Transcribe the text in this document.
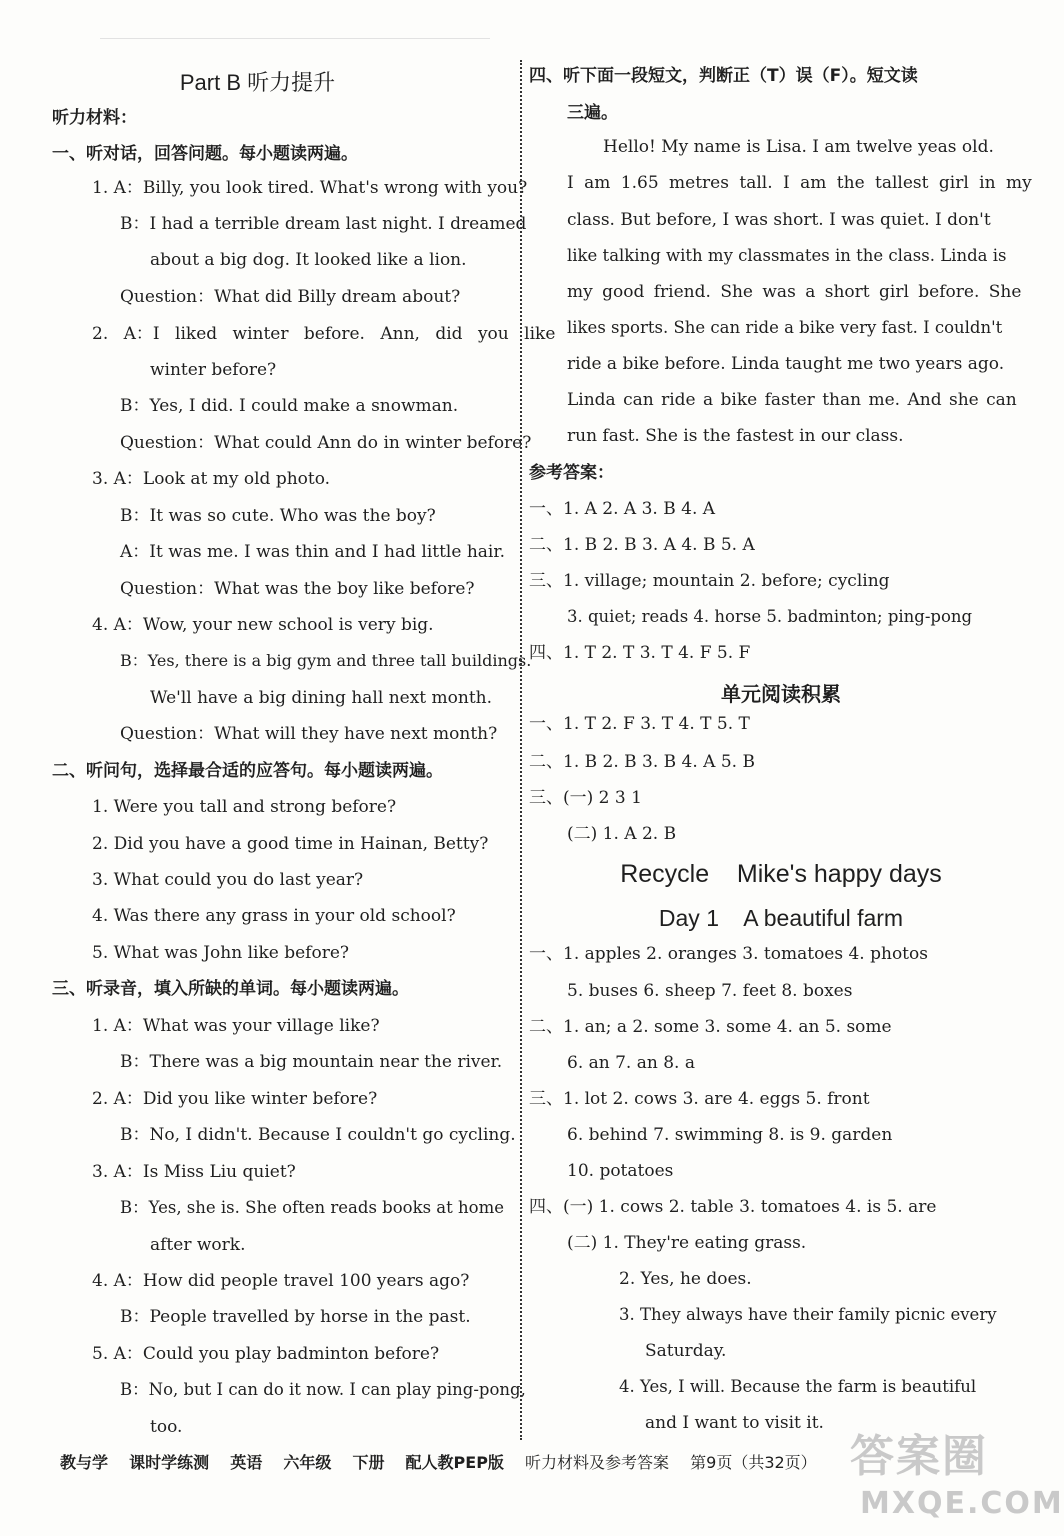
Part B 听力提升
听力材料：
一、听对话，回答问题。每小题读两遍。
1. A：Billy, you look tired. What's wrong with you?
B：I had a terrible dream last night. I dreamed
about a big dog. It looked like a lion.
Question：What did Billy dream about?
2. A：I liked winter before. Ann, did you like
winter before?
B：Yes, I did. I could make a snowman.
Question：What could Ann do in winter before?
3. A：Look at my old photo.
B：It was so cute. Who was the boy?
A：It was me. I was thin and I had little hair.
Question：What was the boy like before?
4. A：Wow, your new school is very big.
B：Yes, there is a big gym and three tall buildings.
We'll have a big dining hall next month.
Question：What will they have next month?
二、听问句，选择最合适的应答句。每小题读两遍。
1. Were you tall and strong before?
2. Did you have a good time in Hainan, Betty?
3. What could you do last year?
4. Was there any grass in your old school?
5. What was John like before?
三、听录音，填入所缺的单词。每小题读两遍。
1. A：What was your village like?
B：There was a big mountain near the river.
2. A：Did you like winter before?
B：No, I didn't. Because I couldn't go cycling.
3. A：Is Miss Liu quiet?
B：Yes, she is. She often reads books at home
after work.
4. A：How did people travel 100 years ago?
B：People travelled by horse in the past.
5. A：Could you play badminton before?
B：No, but I can do it now. I can play ping-pong,
too.
四、听下面一段短文，判断正（T）误（F）。短文读
三遍。
Hello! My name is Lisa. I am twelve yeas old.
I am 1.65 metres tall. I am the tallest girl in my
class. But before, I was short. I was quiet. I don't
like talking with my classmates in the class. Linda is
my good friend. She was a short girl before. She
likes sports. She can ride a bike very fast. I couldn't
ride a bike before. Linda taught me two years ago.
Linda can ride a bike faster than me. And she can
run fast. She is the fastest in our class.
参考答案：
一、1. A 2. A 3. B 4. A
二、1. B 2. B 3. A 4. B 5. A
三、1. village; mountain 2. before; cycling
3. quiet; reads 4. horse 5. badminton; ping-pong
四、1. T 2. T 3. T 4. F 5. F
单元阅读积累
一、1. T 2. F 3. T 4. T 5. T
二、1. B 2. B 3. B 4. A 5. B
三、(一) 2 3 1
(二) 1. A 2. B
Recycle    Mike's happy days
Day 1    A beautiful farm
一、1. apples 2. oranges 3. tomatoes 4. photos
5. buses 6. sheep 7. feet 8. boxes
二、1. an; a 2. some 3. some 4. an 5. some
6. an 7. an 8. a
三、1. lot 2. cows 3. are 4. eggs 5. front
6. behind 7. swimming 8. is 9. garden
10. potatoes
四、(一) 1. cows 2. table 3. tomatoes 4. is 5. are
(二) 1. They're eating grass.
2. Yes, he does.
3. They always have their family picnic every
Saturday.
4. Yes, I will. Because the farm is beautiful
and I want to visit it.
教与学 课时学练测 英语 六年级 下册 配人教PEP版 听力材料及参考答案 第9页（共32页） 答案圈
MXQE.COM
